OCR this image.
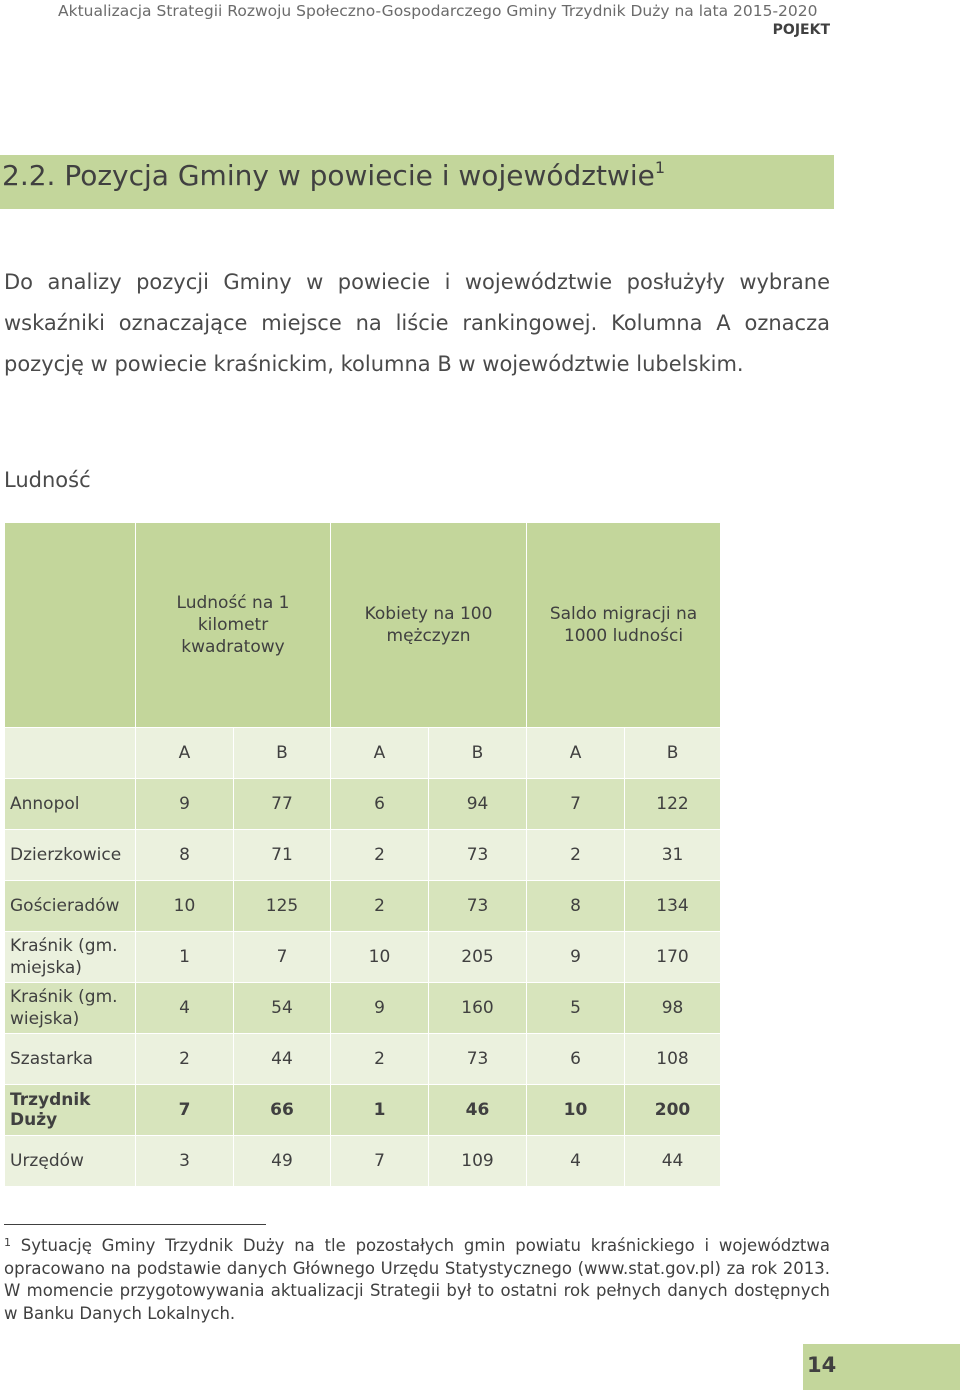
Aktualizacja Strategii Rozwoju Społeczno-Gospodarczego Gminy Trzydnik Duży na lata 2015-2020
POJEKT
2.2. Pozycja Gminy w powiecie i województwie$^1$
Do analizy pozycji Gminy w powiecie i województwie posłużyły wybrane wskaźniki oznaczające miejsce na liście rankingowej. Kolumna A oznacza pozycję w powiecie kraśnickim, kolumna B w województwie lubelskim.
Ludność

	Ludność na 1 kilometr kwadratowy		Kobiety na 100 mężczyzn		Saldo migracji na 1000 ludności	

	A	B	A	B	A	B
Annopol	9	77	6	94	7	122
Dzierzkowice	8	71	2	73	2	31
Gościeradów	10	125	2	73	8	134

Kraśnik (gm. miejska)	1	7	10	205	9	170

Kraśnik (gm. wiejska)	4	54	9	160	5	98
Szastarka	2	44	2	73	6	108
Trzydnik Duży	7	66	1	46	10	200
Urzędów	3	49	7	109	4	44
$^1$ Sytuację Gminy Trzydnik Duży na tle pozostałych gmin powiatu kraśnickiego i województwa opracowano na podstawie danych Głównego Urzędu Statystycznego (www.stat.gov.pl) za rok 2013. W momencie przygotowywania aktualizacji Strategii był to ostatni rok pełnych danych dostępnych w Banku Danych Lokalnych.
14
